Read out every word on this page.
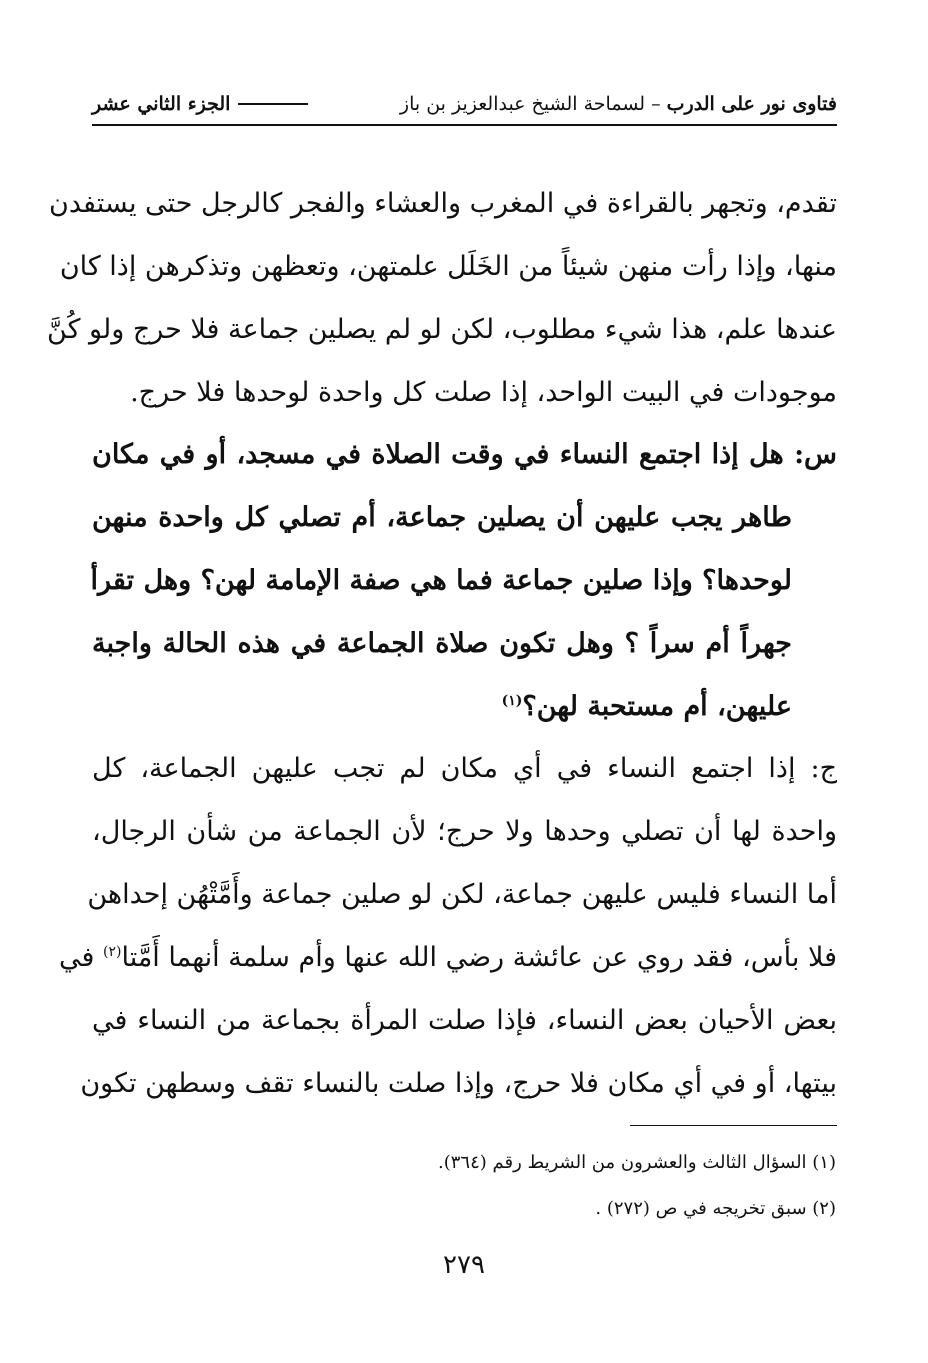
فتاوى نور على الدرب – لسماحة الشيخ عبدالعزيز بن باز
الجزء الثاني عشر
تقدم، وتجهر بالقراءة في المغرب والعشاء والفجر كالرجل حتى يستفدن
منها، وإذا رأت منهن شيئاً من الخَلَل علمتهن، وتعظهن وتذكرهن إذا كان
عندها علم، هذا شيء مطلوب، لكن لو لم يصلين جماعة فلا حرج ولو كُنَّ
موجودات في البيت الواحد، إذا صلت كل واحدة لوحدها فلا حرج.
س: هل إذا اجتمع النساء في وقت الصلاة في مسجد، أو في مكان
طاهر يجب عليهن أن يصلين جماعة، أم تصلي كل واحدة منهن
لوحدها؟ وإذا صلين جماعة فما هي صفة الإمامة لهن؟ وهل تقرأ
جهراً أم سراً ؟ وهل تكون صلاة الجماعة في هذه الحالة واجبة
عليهن، أم مستحبة لهن؟$^{(١)}$
ج: إذا اجتمع النساء في أي مكان لم تجب عليهن الجماعة، كل
واحدة لها أن تصلي وحدها ولا حرج؛ لأن الجماعة من شأن الرجال،
أما النساء فليس عليهن جماعة، لكن لو صلين جماعة وأَمَّتْهُن إحداهن
فلا بأس، فقد روي عن عائشة رضي الله عنها وأم سلمة أنهما أَمَّتا$^{(٢)}$ في
بعض الأحيان بعض النساء، فإذا صلت المرأة بجماعة من النساء في
بيتها، أو في أي مكان فلا حرج، وإذا صلت بالنساء تقف وسطهن تكون
(١) السؤال الثالث والعشرون من الشريط رقم (٣٦٤).
(٢) سبق تخريجه في ص (٢٧٢) .
٢٧٩
